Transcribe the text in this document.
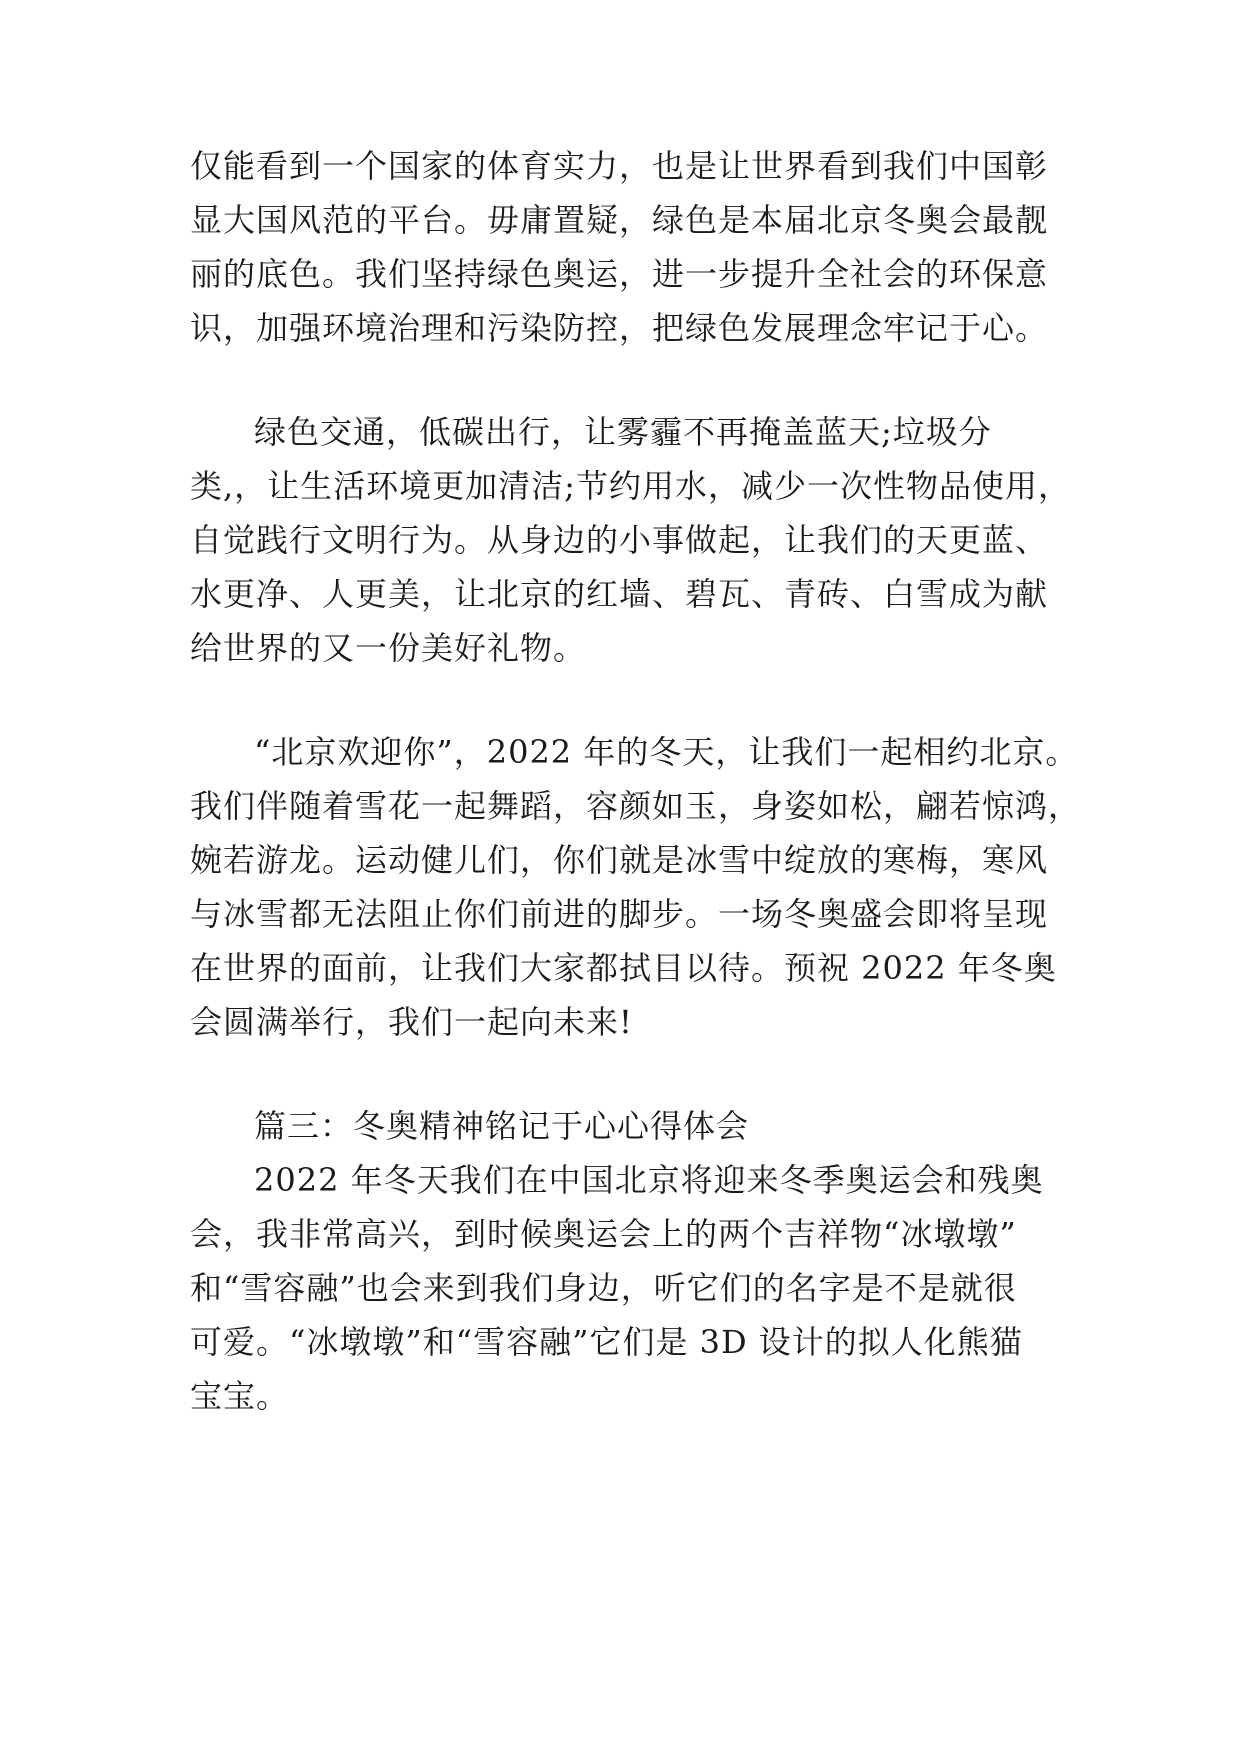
仅能看到一个国家的体育实力，也是让世界看到我们中国彰
显大国风范的平台。毋庸置疑，绿色是本届北京冬奥会最靓
丽的底色。我们坚持绿色奥运，进一步提升全社会的环保意
识，加强环境治理和污染防控，把绿色发展理念牢记于心。
绿色交通，低碳出行，让雾霾不再掩盖蓝天;垃圾分
类,，让生活环境更加清洁;节约用水，减少一次性物品使用，
自觉践行文明行为。从身边的小事做起，让我们的天更蓝、
水更净、人更美，让北京的红墙、碧瓦、青砖、白雪成为献
给世界的又一份美好礼物。
“北京欢迎你”，2022 年的冬天，让我们一起相约北京。
我们伴随着雪花一起舞蹈，容颜如玉，身姿如松，翩若惊鸿，
婉若游龙。运动健儿们，你们就是冰雪中绽放的寒梅，寒风
与冰雪都无法阻止你们前进的脚步。一场冬奥盛会即将呈现
在世界的面前，让我们大家都拭目以待。预祝 2022 年冬奥
会圆满举行，我们一起向未来!
篇三：冬奥精神铭记于心心得体会
2022 年冬天我们在中国北京将迎来冬季奥运会和残奥
会，我非常高兴，到时候奥运会上的两个吉祥物“冰墩墩”
和“雪容融”也会来到我们身边，听它们的名字是不是就很
可爱。“冰墩墩”和“雪容融”它们是 3D 设计的拟人化熊猫
宝宝。
